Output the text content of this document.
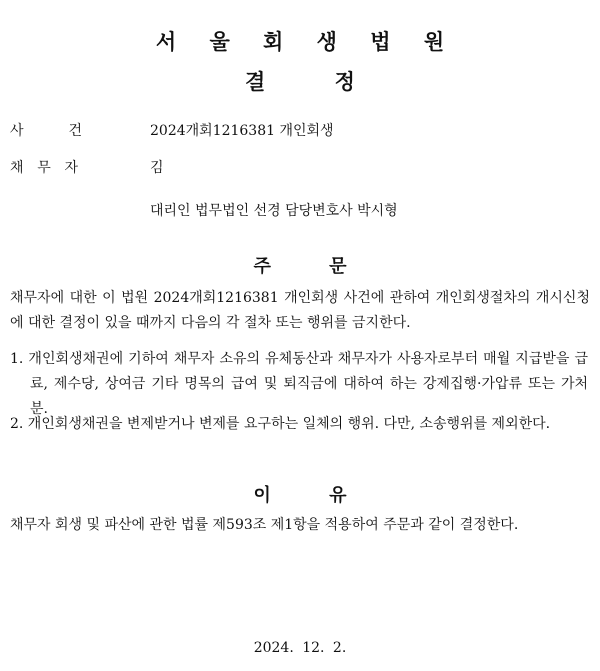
서 울 회 생 법 원
결 정
사	건	2024개회1216381 개인회생
채 무 자	김
대리인 법무법인 선경 담당변호사 박시형
주 문
채무자에 대한 이 법원 2024개회1216381 개인회생 사건에 관하여 개인회생절차의 개시신청에 대한 결정이 있을 때까지 다음의 각 절차 또는 행위를 금지한다.
1. 개인회생채권에 기하여 채무자 소유의 유체동산과 채무자가 사용자로부터 매월 지급받을 급료, 제수당, 상여금 기타 명목의 급여 및 퇴직금에 대하여 하는 강제집행·가압류 또는 가처분.
2. 개인회생채권을 변제받거나 변제를 요구하는 일체의 행위. 다만, 소송행위를 제외한다.
이 유
채무자 회생 및 파산에 관한 법률 제593조 제1항을 적용하여 주문과 같이 결정한다.
2024. 12. 2.
